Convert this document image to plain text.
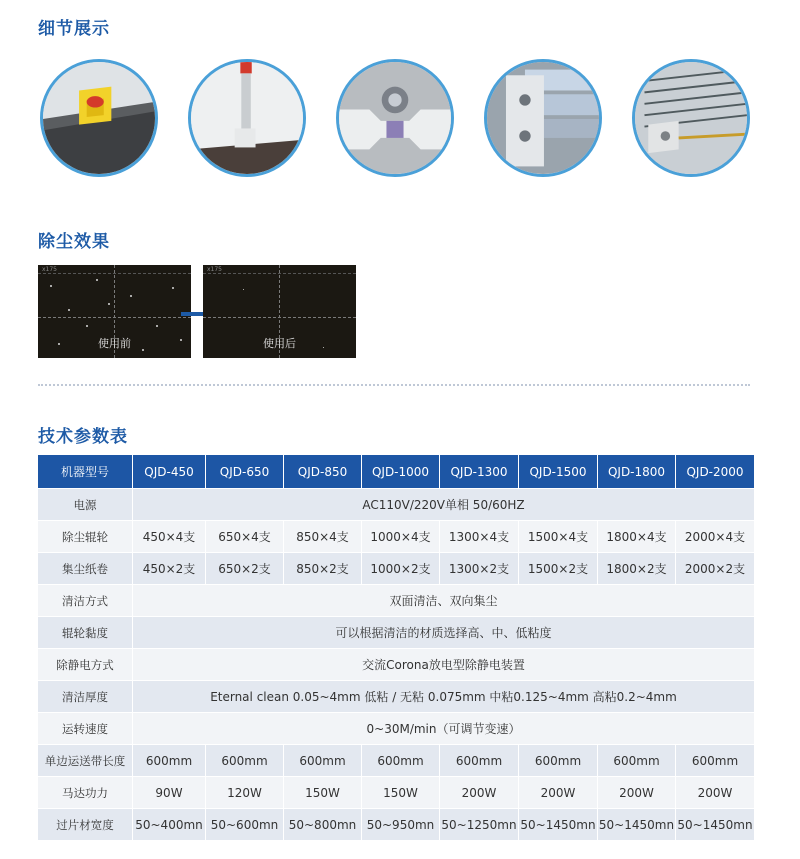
细节展示
除尘效果
技术参数表
x175
使用前
x175
使用后
机器型号	QJD-450	QJD-650	QJD-850	QJD-1000	QJD-1300	QJD-1500	QJD-1800	QJD-2000
电源	AC110V/220V单相 50/60HZ							
除尘辊轮	450×4支	650×4支	850×4支	1000×4支	1300×4支	1500×4支	1800×4支	2000×4支
集尘纸卷	450×2支	650×2支	850×2支	1000×2支	1300×2支	1500×2支	1800×2支	2000×2支
清洁方式	双面清洁、双向集尘							
辊轮黏度	可以根据清洁的材质选择高、中、低粘度							
除静电方式	交流Corona放电型除静电装置							
清洁厚度	Eternal clean 0.05~4mm 低粘 / 无粘 0.075mm 中粘0.125~4mm 高粘0.2~4mm							
运转速度	0~30M/min（可调节变速）							
单边运送带长度	600mm	600mm	600mm	600mm	600mm	600mm	600mm	600mm
马达功力	90W	120W	150W	150W	200W	200W	200W	200W
过片材宽度	50~400mn	50~600mn	50~800mn	50~950mn	50~1250mn	50~1450mn	50~1450mn	50~1450mn
